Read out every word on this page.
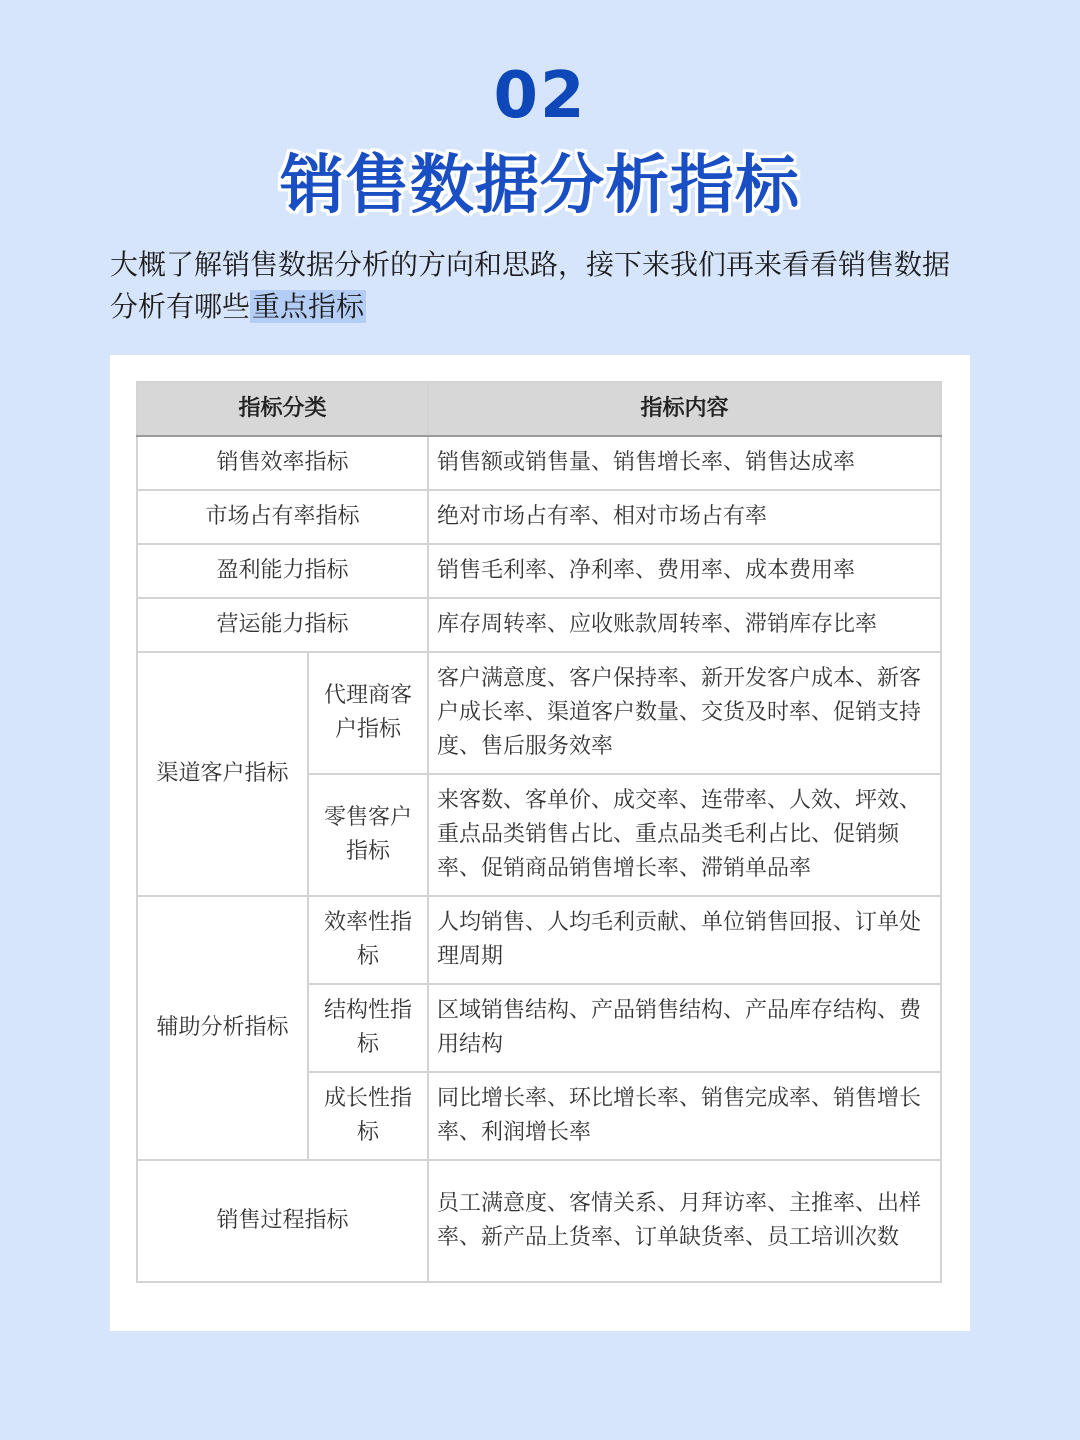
02
销售数据分析指标
大概了解销售数据分析的方向和思路，接下来我们再来看看销售数据分析有哪些重点指标
指标分类		指标内容
销售效率指标		销售额或销售量、销售增长率、销售达成率
市场占有率指标		绝对市场占有率、相对市场占有率
盈利能力指标		销售毛利率、净利率、费用率、成本费用率
营运能力指标		库存周转率、应收账款周转率、滞销库存比率
渠道客户指标	代理商客户指标	客户满意度、客户保持率、新开发客户成本、新客户成长率、渠道客户数量、交货及时率、促销支持度、售后服务效率
	零售客户指标	来客数、客单价、成交率、连带率、人效、坪效、重点品类销售占比、重点品类毛利占比、促销频率、促销商品销售增长率、滞销单品率
辅助分析指标	效率性指标	人均销售、人均毛利贡献、单位销售回报、订单处理周期
	结构性指标	区域销售结构、产品销售结构、产品库存结构、费用结构
	成长性指标	同比增长率、环比增长率、销售完成率、销售增长率、利润增长率
销售过程指标		员工满意度、客情关系、月拜访率、主推率、出样率、新产品上货率、订单缺货率、员工培训次数
